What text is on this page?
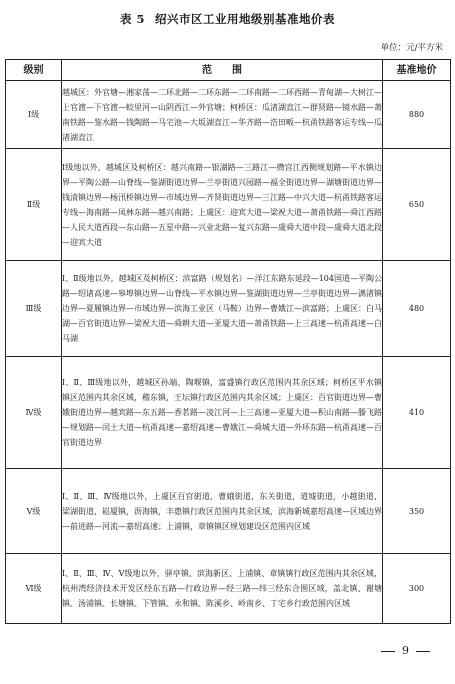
表 5 绍兴市区工业用地级别基准地价表
单位：元/平方米
级别	范　　围	基准地价
Ⅰ级	越城区：外官塘—湘家荡—二环北路—二环东路—二环南路—二环西路—青甸湖—大树江—上官渡—下官渡—蛟里河—山阴西江—外官塘；柯桥区：瓜渚湖直江—群贤路—镜水路—萧南铁路—鉴水路—钱陶路—马宅池—大坂湖直江—华齐路—浩田畈—杭甬铁路客运专线—瓜渚湖直江	880
Ⅱ级	Ⅰ级地以外，越城区及柯桥区：越兴南路—银湖路—三路江—攒宫江西侧规划路—平水镇边界—平陶公路—山脊线—鉴湖街道边界—兰亭街道兴园路—福全街道边界—湖塘街道边界—钱清镇边界—杨汛桥镇边界—市域边界—齐贤街道边界—三江路—中兴大道—杭甬铁路客运专线—海南路—凤林东路—越兴南路；上虞区：迎宾大道—梁祝大道—萧甬铁路—舜江西路—人民大道西段—东山路—五星中路—兴业北路—复兴东路—虞舜大道中段—虞舜大道北段—迎宾大道	650
Ⅲ级	Ⅰ、Ⅱ级地以外，越城区及柯桥区：滨富路（规划名）—洋江东路东延段—104国道—平陶公路—绍诸高速—皋埠镇边界—山脊线—平水镇边界—鉴湖街道边界—兰亭街道边界—漓渚镇边界—夏履镇边界—市域边界—滨海工业区（马鞍）边界—曹娥江—滨富路；上虞区：白马湖—百官街道边界—梁祝大道—舜耕大道—亚厦大道—萧甬铁路—上三高速—杭甬高速—白马湖	480
Ⅳ级	Ⅰ、Ⅱ、Ⅲ级地以外，越城区孙端、陶堰镇，富盛镇行政区范围内其余区域；柯桥区平水镇镇区范围内其余区域，稽东镇，王坛镇行政区范围内其余区域；上虞区：百官街道边界—曹娥街道边界—越宾路—东五路—香茗路—凌江河—上三高速—亚厦大道—积山南路—滕飞路—规划路—闰土大道—杭甬高速—嘉绍高速—曹娥江—舜城大道—外环东路—杭甬高速—百官街道边界	410
Ⅴ级	Ⅰ、Ⅱ、Ⅲ、Ⅳ级地以外，上虞区百官街道，曹娥街道，东关街道，道墟街道，小越街道，梁湖街道，崧厦镇，沥海镇，丰惠镇行政区范围内其余区域，滨海新城嘉绍高速—区域边界—前进路—河流—嘉绍高速；上浦镇，章镇镇区规划建设区范围内区域	350
Ⅵ级	Ⅰ、Ⅱ、Ⅲ、Ⅳ、Ⅴ级地以外，驿亭镇、滨海新区、上浦镇、章镇镇行政区范围内其余区域，杭州湾经济技术开发区经东五路—行政边界—经三路—纬三经东合围区域，盖北镇、谢塘镇、汤浦镇、长塘镇、下管镇、永和镇、陈溪乡、岭南乡、丁宅乡行政范围内区域	300
9
